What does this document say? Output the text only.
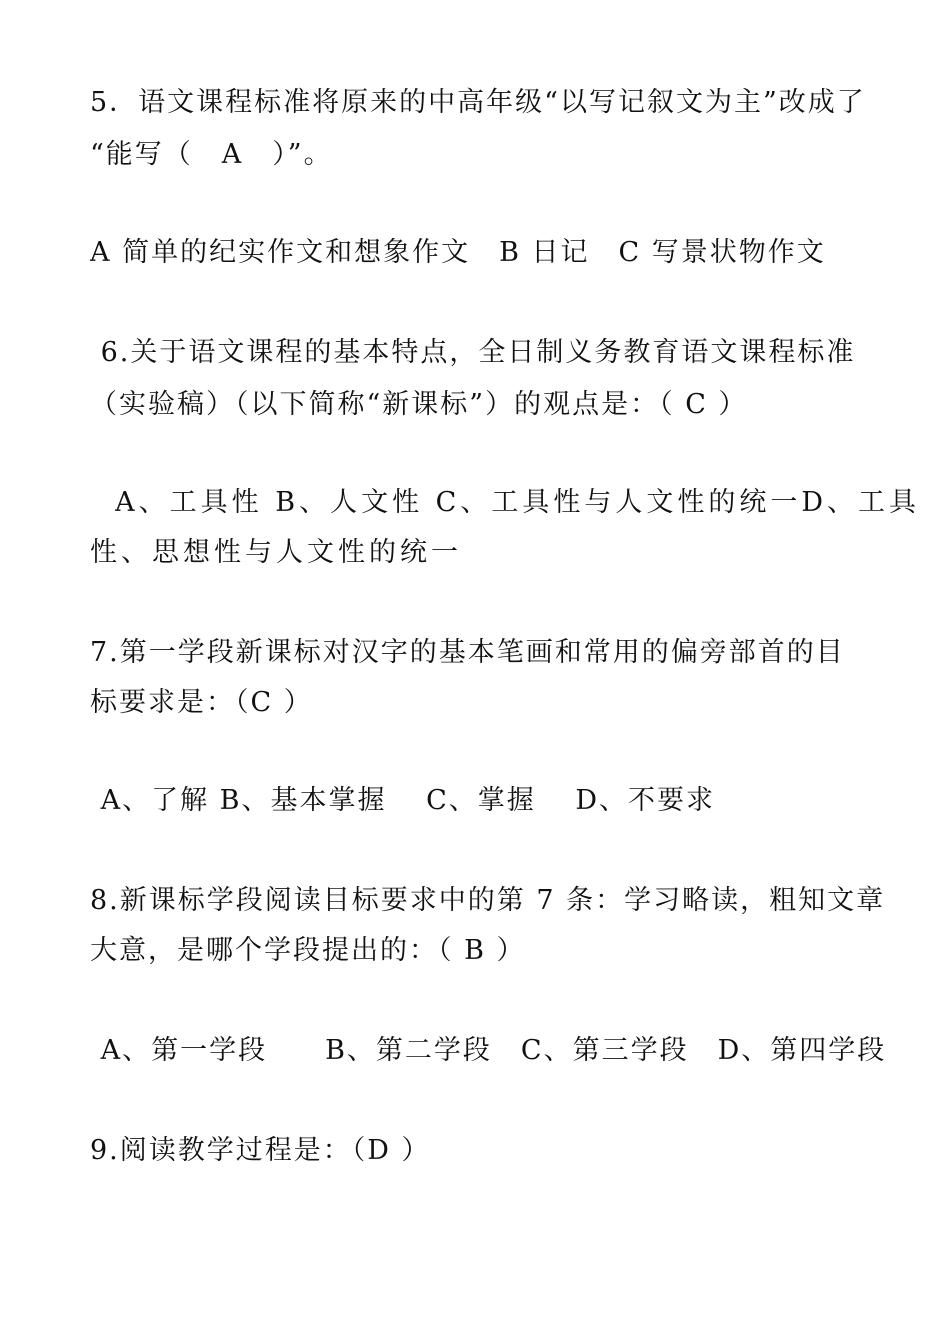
5．语文课程标准将原来的中高年级“以写记叙文为主”改成了
“能写（　A　）”。
A 简单的纪实作文和想象作文　B 日记　C 写景状物作文
6.关于语文课程的基本特点，全日制义务教育语文课程标准
（实验稿）（以下简称“新课标”）的观点是：（ C ）
A、工具性 B、人文性 C、工具性与人文性的统一D、工具
性、思想性与人文性的统一
7.第一学段新课标对汉字的基本笔画和常用的偏旁部首的目
标要求是：（C ）
A、了解 B、基本掌握　 C、掌握　 D、不要求
8.新课标学段阅读目标要求中的第 7 条：学习略读，粗知文章
大意，是哪个学段提出的：（ B ）
A、第一学段　　B、第二学段　C、第三学段　D、第四学段
9.阅读教学过程是：（D ）
